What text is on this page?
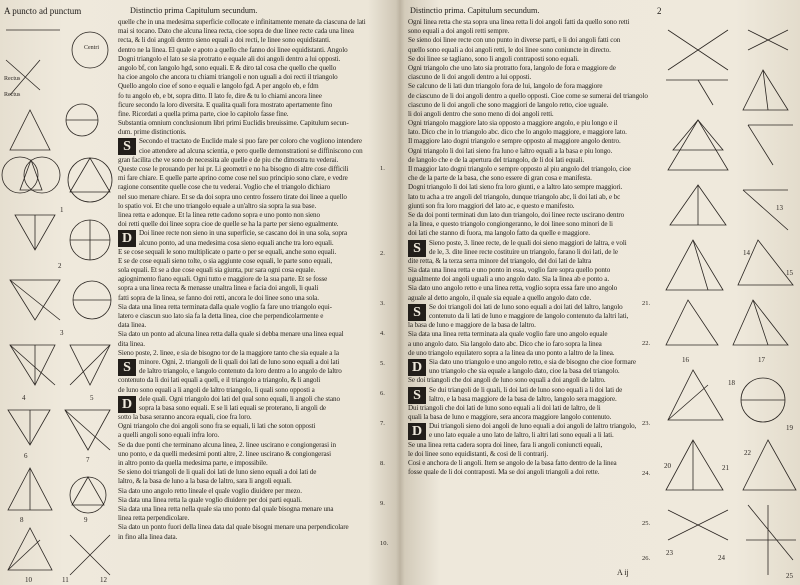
A puncto ad punctum	Distinctio prima Capitulum secundum.
Centri
Rectus
Rectus
1
2
3
4	5
6	7
8	9
10	11	12
quelle che in una medesima superficie collocate e infinitamente menate da ciascuna de lati
mai si tocano. Dato che alcuna linea recta, cioe sopra de due linee recte cada una linea
recta, & li doi angoli dentro sieno equali a doi recti, le linee sono equidistanti.
dentro ne la linea. El quale e apoto a quello che fanno doi linee equidistanti. Angolo
Dogni triangolo el lato se sia protratto e equale ali doi angoli dentro a lui opposti.
angolo bf, con langolo hgd, sono equali. E & diro tal cosa che quello che quello
ha cioe angolo che ancora tu chiami triangoli e non uguali a doi recti il triangolo
Quello angolo cioe ef sono e equali e langolo fgd. A per angolo eb, e fdm
fo tu angolo eb, e bt, sopra ditto. Il lato fe, dire & tu lo chiami ancora linee
ficure secondo la loro diversita. E qualita quali fora mostrato apertamente fino
fine. Ricordati a quella prima parte, cioe lo capitolo fasse fine.
Substantia omnium conclusionum libri primi Euclidis breuissime. Capitulum secun-
dum. prime distinctionis.
S	Secondo el tractato de Euclide male si puo fare per coloro che vogliono intendere
cioe attendere ad alcuna scientia, e pero quelle demonstrationi se diffiniscono con
gran facilita che ve sono de necessita ale quelle e de piu che dimostra tu vederai.
Queste cose le prouando per lui pr. Li geometri e no ha bisogno di altre cose difficili
mi fare chiare. E quelle parte aprino come cose nel suo principio sono clare, e vedre
ragione consentite quelle cose che tu vederai. Voglio che el triangolo dichiaro
nel suo menare chiare. Et se da doi sopra uno centro fossero tirate doi linee a quello
lo spatio voi. Et che uno triangolo equale a un'altro sia sopra la sua base.
linea retta e adonque. Et la linea rette cadono sopra e uno ponto non sieno
doi retti quelle doi linee sopra cioe de quelle se ha la parte per sieno egualmente.
D Doi linee recte non sieno in una superficie, se cascano doi in una sola, sopra
alcuno ponto, ad una medesima cosa sieno equali anche tra loro equali.
E se cose sequali le sono multiplicate o parte o per se equali, anche sono equali.
E se de cose equali sieno tolte, o sia aggiunte cose equali, le parte sono equali,
sola equali. Et se a due cose equali sia giunta, pur sara ogni cosa equale.
agiognimento fiano equali. Ogni tutto e maggiore de la sua parte. Et se fosse
sopra a una linea recta & menasse unaltra linea e facia doi angoli, li quali
fatti sopra de la linea, se fanno doi retti, ancora le doi linee sono una sola.
Sia data una linea retta terminata dalla quale voglio fa fare uno triangolo equi-
latero e ciascun suo lato sia fa la detta linea, cioe che perpendicolarmente e
data linea.
Sia dato un ponto ad alcuna linea retta dalla quale si debba menare una linea equal
dita linea.
Sieno poste, 2. linee, e sia de bisogno tor de la maggiore tanto che sia equale a la
S	minore. Ogni, 2. triangoli de li quali doi lati de luno sono equali a doi lati
de laltro triangolo, e langolo contenuto da loro dentro a lo angolo de laltro
contenuto da li doi lati equali a queli, e il triangolo a triangolo, & li angoli
de luno sono equali a li angoli de laltro triangolo, li quali sono opposti a
D dele quali. Ogni triangolo doi lati del qual sono equali, li angoli che stano
sopra la basa sono equali. E se li lati equali se proterano, li angoli de
sotto la basa seranno ancora equali, cioe fra loro.
Ogni triangolo che doi angoli sono fra se equali, li lati che soton opposti
a quelli angoli sono equali infra loro.
Se da due ponti che terminano alcuna linea, 2. linee uscirano e congiongerasi in
uno ponto, e da quelli medesimi ponti altre, 2. linee uscirano & congiongerasi
in altro ponto da quella medesima parte, e impossibile.
Se sieno doi triangoli de li quali doi lati de luno sieno equali a doi lati de
laltro, & la basa de luno a la basa de laltro, sara li angoli equali.
Sia dato uno angolo retto lineale el quale voglio diuidere per mezo.
Sia data una linea retta la quale voglio diuidere per doi parti equali.
Sia data una linea retta nella quale sia uno ponto dal quale bisogna menare una
linea retta perpendicolare.
Sia dato un ponto fuori della linea data dal quale bisogni menare una perpendicolare
in fino alla linea data.
1.
2.
3.
4.
5.
6.
7.
8.
9.
10.
Distinctio prima. Capitulum secundum.	2
Ogni linea retta che sta sopra una linea retta li doi angoli fatti da quello sono retti
sono equali a doi angoli retti sempre.
Se sieno doi linee recte con uno punto in diverse parti, e li doi angoli fatti con
quello sono equali a doi angoli retti, le doi linee sono coniuncte in directo.
Se doi linee se tagliano, sono li angoli contraposti sono equali.
Ogni triangolo che uno lato sia protratto fora, langolo de fora e maggiore de
ciascuno de li doi angoli dentro a lui opposti.
Se calcuno de li lati dun triangolo fora de lui, langolo de fora maggiore
de ciascuno de li doi angoli dentro a quello opposti. Cioe come se sumerai del triangolo
ciascuno de li doi angoli che sono maggiori de langolo retto, cioe uguale.
li doi angoli dentro che sono meno di doi angoli retti.
Ogni triangolo maggiore lato sia opposto a maggiore angolo, e piu longo e il
lato. Dico che in lo triangolo abc. dico che lo angolo maggiore, e maggiore lato.
Il maggiore lato dogni triangolo e sempre opposto al maggiore angolo dentro.
Ogni triangolo li doi lati sieno fra luno e laltro equali a la basa e piu longo.
de langolo che e de la apertura del triangolo, de li doi lati equali.
Il maggior lato dogni triangolo e sempre opposto al piu angolo del triangolo, cioe
che de la parte de la basa, che sono essere di gran cosa e manifesta.
Dogni triangolo li doi lati sieno fra loro giunti, e a laltro lato sempre maggiori.
lato tu acha a tre angoli del triangolo, dunque triangolo abc, li doi lati ab, e bc
giunti son fra loro maggiori del lato ac, e questo e manifesto.
Se da doi ponti terminati dun lato dun triangolo, doi linee recte uscirano dentro
a la linea, e questo triangolo congiongeranno, le doi linee sono minori de li
doi lati che stanno di fuora, ma langolo fatto da quelle e maggiore.
S	Sieno poste, 3. linee recte, de le quali doi sieno maggiori de laltra, e voli
de le, 3. dite linee recte costituire un triangolo, farano li doi lati, de le
dite retta, & la terza serra minore del triangolo, del doi lati de laltra
Sia data una linea retta e uno ponto in essa, voglio fare sopra quello ponto
ugualmente doi angoli uguali a uno angolo dato. Sia la linea ab e ponto a.
Sia dato uno angolo retto e una linea retta, voglio sopra essa fare uno angolo
aguale al detto angolo, il quale sia equale a quello angolo dato cde.
S	Se doi triangoli doi lati de luno sono equali a doi lati del laltro, langolo
contenuto da li lati de luno e maggiore de langolo contenuto da laltri lati,
la basa de luno e maggiore de la basa de laltro.
Sia data una linea retta terminata ala quale voglio fare uno angolo equale
a uno angolo dato. Sia langolo dato abc. Dico che io faro sopra la linea
de uno triangolo equilatero sopra a la linea da uno ponto a laltro de la linea.
D Sia dato uno triangolo e uno angolo retto, e sia de bisogno che cioe formare
uno triangolo che sia equale a langolo dato, cioe la basa del triangolo.
Se doi triangoli che doi angoli de luno sono equali a doi angoli de laltro.
S	Se dui triangoli de li quali, li doi lati de luno sono equali a li doi lati de
laltro, e la basa maggiore de la basa de laltro, langolo sera maggiore.
Dui triangoli che doi lati de luno sono equali a li doi lati de laltro, de li
quali la basa de luno e maggiore, sera ancora maggiore langolo contenuto.
D Dui triangoli sieno doi angoli de luno equali a doi angoli de laltro triangolo,
e uno lato equale a uno lato de laltro, li altri lati sono equali a li lati.
Se una linea retta cadera sopra doi linee, fara li angoli coniuncti equali,
le doi linee sono equidistanti, & cosi de li contrarij.
Cosi e anchora de li angoli. Item se angolo de la basa fatto dentro de la linea
fosse quale de li doi contraposti. Ma se doi angoli triangoli a doi rette.
21.
22.
23.
24.
25.
26.
A ij
13
14
15
16	17
18
19
20	21
22
23
24
25
